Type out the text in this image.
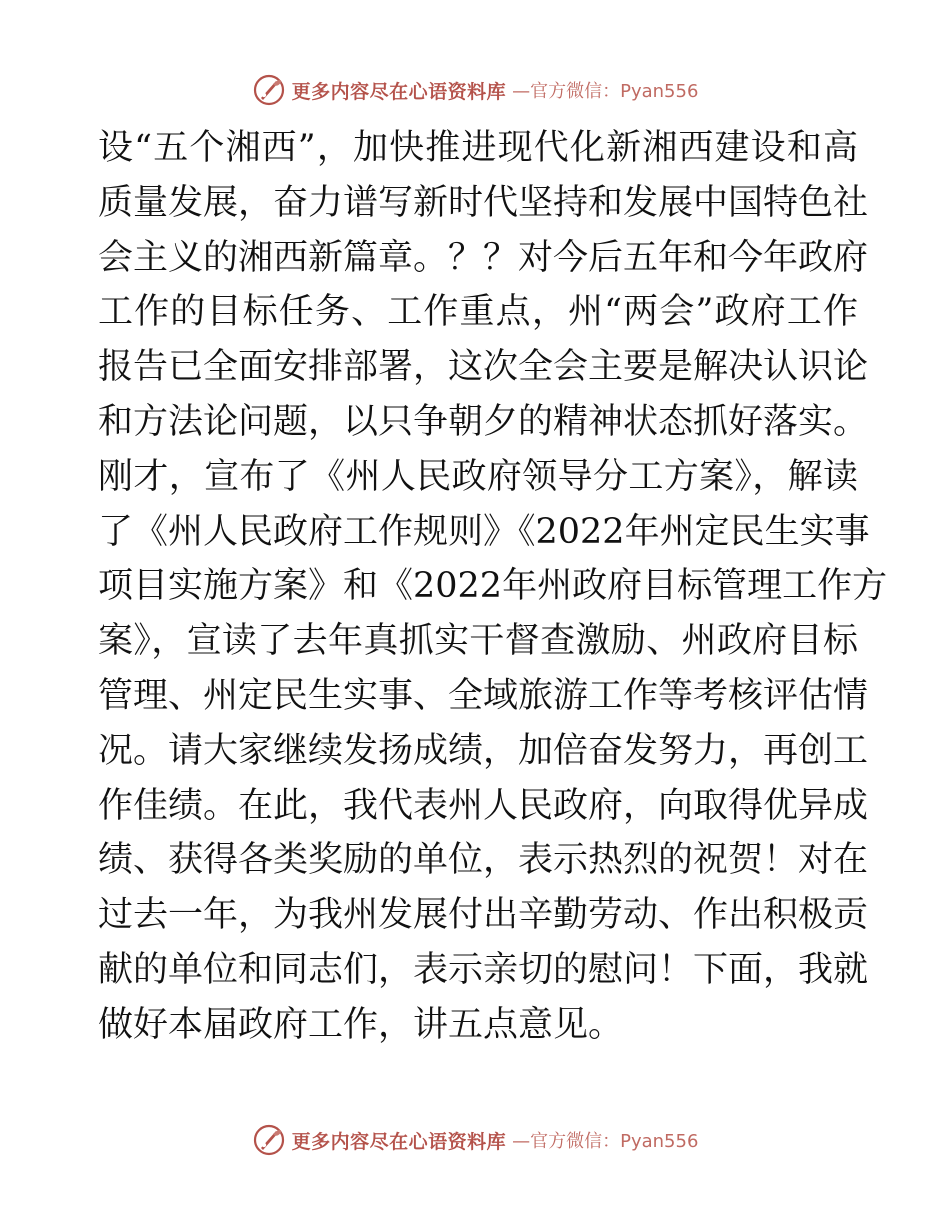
更多内容尽在心语资料库 —官方微信：Pyan556
设“五个湘西”，加快推进现代化新湘西建设和高
质量发展，奋力谱写新时代坚持和发展中国特色社
会主义的湘西新篇章。？？对今后五年和今年政府
工作的目标任务、工作重点，州“两会”政府工作
报告已全面安排部署，这次全会主要是解决认识论
和方法论问题，以只争朝夕的精神状态抓好落实。
刚才，宣布了《州人民政府领导分工方案》，解读
了《州人民政府工作规则》《2022年州定民生实事
项目实施方案》和《2022年州政府目标管理工作方
案》，宣读了去年真抓实干督查激励、州政府目标
管理、州定民生实事、全域旅游工作等考核评估情
况。请大家继续发扬成绩，加倍奋发努力，再创工
作佳绩。在此，我代表州人民政府，向取得优异成
绩、获得各类奖励的单位，表示热烈的祝贺！对在
过去一年，为我州发展付出辛勤劳动、作出积极贡
献的单位和同志们，表示亲切的慰问！下面，我就
做好本届政府工作，讲五点意见。
更多内容尽在心语资料库 —官方微信：Pyan556
